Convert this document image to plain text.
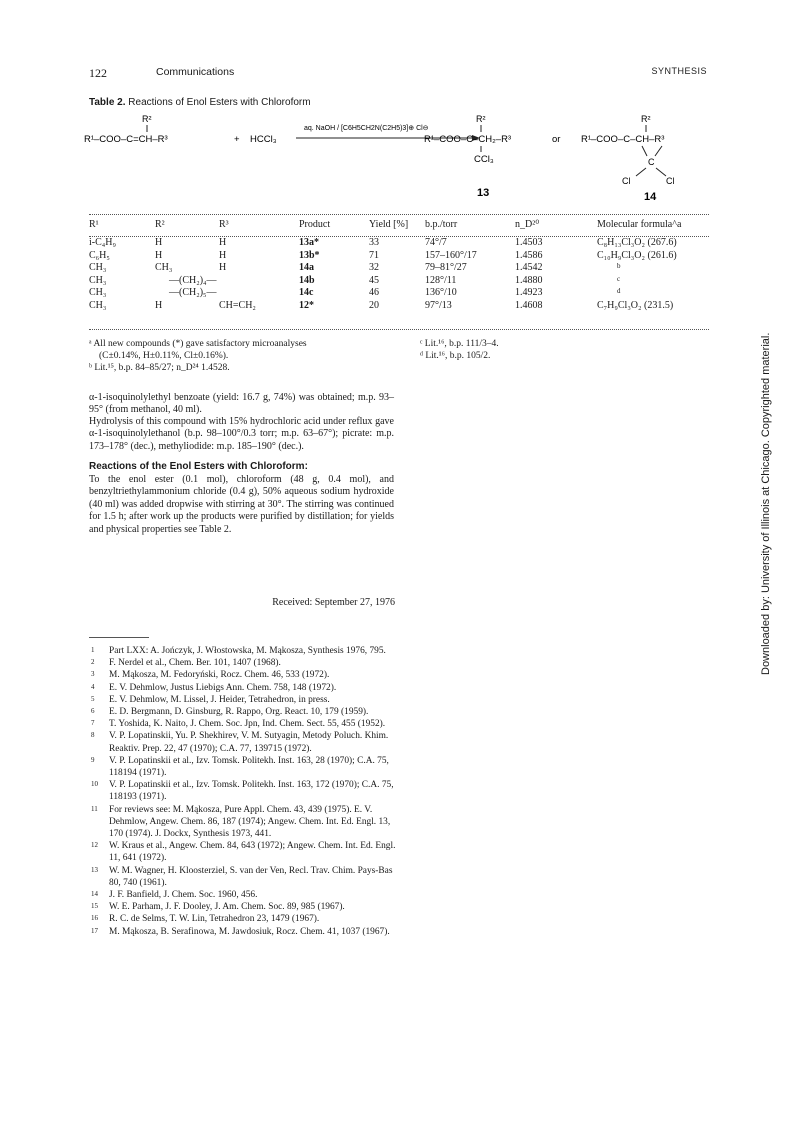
122	Communications	SYNTHESIS
Table 2. Reactions of Enol Esters with Chloroform
R²
R¹–COO–C=CH–R³	+ HCCl₃
aq. NaOH / [C6H5CH2N(C2H5)3]⊕ Cl⊖
R²
R¹–COO–C–CH₂–R³
CCl₃
13
or
R²
R¹–COO–C–CH–R³
C
Cl	Cl
14
R¹	R²	R³	Product	Yield [%]	b.p./torr	n_D²⁰	Molecular formula^a
i-C₄H₉	H	H	13a*	33	74°/7	1.4503	C₈H₁₃Cl₃O₂ (267.6)
C₆H₅	H	H	13b*	71	157–160°/17	1.4586	C₁₀H₉Cl₃O₂ (261.6)
CH₃	CH₃	H	14a	32	79–81°/27	1.4542	b
CH₃	—(CH₂)₄—		14b	45	128°/11	1.4880	c
CH₃	—(CH₂)₅—		14c	46	136°/10	1.4923	d
CH₃	H	CH=CH₂	12*	20	97°/13	1.4608	C₇H₉Cl₃O₂ (231.5)
ᵃ All new compounds (*) gave satisfactory microanalyses
(C±0.14%, H±0.11%, Cl±0.16%).
ᵇ Lit.¹⁵, b.p. 84–85/27; n_D²⁴ 1.4528.
ᶜ Lit.¹⁶, b.p. 111/3–4.
ᵈ Lit.¹⁶, b.p. 105/2.
α-1-isoquinolylethyl benzoate (yield: 16.7 g, 74%) was obtained; m.p. 93–95° (from methanol, 40 ml).
Hydrolysis of this compound with 15% hydrochloric acid under reflux gave α-1-isoquinolylethanol (b.p. 98–100°/0.3 torr; m.p. 63–67°); picrate: m.p. 173–178° (dec.), methyliodide: m.p. 185–190° (dec.).
Reactions of the Enol Esters with Chloroform:
To the enol ester (0.1 mol), chloroform (48 g, 0.4 mol), and benzyltriethylammonium chloride (0.4 g), 50% aqueous sodium hydroxide (40 ml) was added dropwise with stirring at 30°. The stirring was continued for 1.5 h; after work up the products were purified by distillation; for yields and physical properties see Table 2.
Received: September 27, 1976
1 Part LXX: A. Jończyk, J. Włostowska, M. Mąkosza, Synthesis 1976, 795.
2 F. Nerdel et al., Chem. Ber. 101, 1407 (1968).
3 M. Mąkosza, M. Fedoryński, Rocz. Chem. 46, 533 (1972).
4 E. V. Dehmlow, Justus Liebigs Ann. Chem. 758, 148 (1972).
5 E. V. Dehmlow, M. Lissel, J. Heider, Tetrahedron, in press.
6 E. D. Bergmann, D. Ginsburg, R. Rappo, Org. React. 10, 179 (1959).
7 T. Yoshida, K. Naito, J. Chem. Soc. Jpn, Ind. Chem. Sect. 55, 455 (1952).
8 V. P. Lopatinskii, Yu. P. Shekhirev, V. M. Sutyagin, Metody Poluch. Khim. Reaktiv. Prep. 22, 47 (1970); C.A. 77, 139715 (1972).
9 V. P. Lopatinskii et al., Izv. Tomsk. Politekh. Inst. 163, 28 (1970); C.A. 75, 118194 (1971).
10 V. P. Lopatinskii et al., Izv. Tomsk. Politekh. Inst. 163, 172 (1970); C.A. 75, 118193 (1971).
11 For reviews see: M. Mąkosza, Pure Appl. Chem. 43, 439 (1975). E. V. Dehmlow, Angew. Chem. 86, 187 (1974); Angew. Chem. Int. Ed. Engl. 13, 170 (1974). J. Dockx, Synthesis 1973, 441.
12 W. Kraus et al., Angew. Chem. 84, 643 (1972); Angew. Chem. Int. Ed. Engl. 11, 641 (1972).
13 W. M. Wagner, H. Kloosterziel, S. van der Ven, Recl. Trav. Chim. Pays-Bas 80, 740 (1961).
14 J. F. Banfield, J. Chem. Soc. 1960, 456.
15 W. E. Parham, J. F. Dooley, J. Am. Chem. Soc. 89, 985 (1967).
16 R. C. de Selms, T. W. Lin, Tetrahedron 23, 1479 (1967).
17 M. Mąkosza, B. Serafinowa, M. Jawdosiuk, Rocz. Chem. 41, 1037 (1967).
Downloaded by: University of Illinois at Chicago. Copyrighted material.
